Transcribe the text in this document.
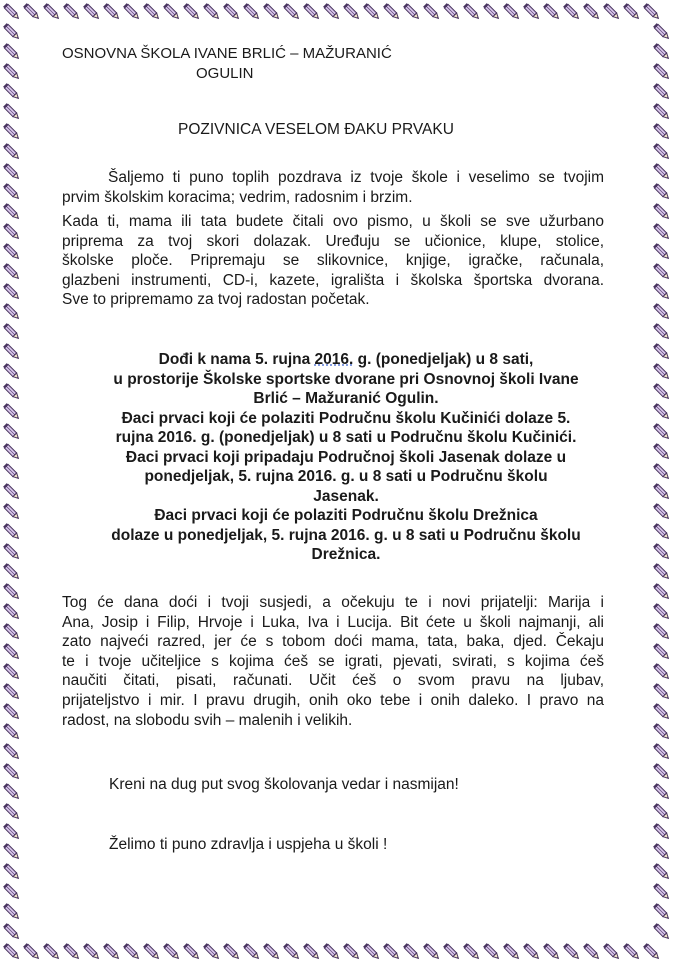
OSNOVNA ŠKOLA IVANE BRLIĆ – MAŽURANIĆ
OGULIN
POZIVNICA VESELOM ĐAKU PRVAKU
Šaljemo ti puno toplih pozdrava iz tvoje škole i veselimo se tvojim
prvim školskim koracima; vedrim, radosnim i brzim.
Kada ti, mama ili tata budete čitali ovo pismo, u školi se sve užurbano
priprema za tvoj skori dolazak. Uređuju se učionice, klupe, stolice,
školske ploče. Pripremaju se slikovnice, knjige, igračke, računala,
glazbeni instrumenti, CD-i, kazete, igrališta i školska športska dvorana.
Sve to pripremamo za tvoj radostan početak.
Dođi k nama 5. rujna 2016. g. (ponedjeljak) u 8 sati,
u prostorije Školske sportske dvorane pri Osnovnoj školi Ivane
Brlić – Mažuranić Ogulin.
Đaci prvaci koji će polaziti Područnu školu Kučinići dolaze 5.
rujna 2016. g. (ponedjeljak) u 8 sati u Područnu školu Kučinići.
Đaci prvaci koji pripadaju Područnoj školi Jasenak dolaze u
ponedjeljak, 5. rujna 2016. g. u 8 sati u Područnu školu
Jasenak.
Đaci prvaci koji će polaziti Područnu školu Drežnica
dolaze u ponedjeljak, 5. rujna 2016. g. u 8 sati u Područnu školu
Drežnica.
Tog će dana doći i tvoji susjedi, a očekuju te i novi prijatelji: Marija i
Ana, Josip i Filip, Hrvoje i Luka, Iva i Lucija. Bit ćete u školi najmanji, ali
zato najveći razred, jer će s tobom doći mama, tata, baka, djed. Čekaju
te i tvoje učiteljice s kojima ćeš se igrati, pjevati, svirati, s kojima ćeš
naučiti čitati, pisati, računati. Učit ćeš o svom pravu na ljubav,
prijateljstvo i mir. I pravu drugih, onih oko tebe i onih daleko. I pravo na
radost, na slobodu svih – malenih i velikih.
Kreni na dug put svog školovanja vedar i nasmijan!
Želimo ti puno zdravlja i uspjeha u školi !
